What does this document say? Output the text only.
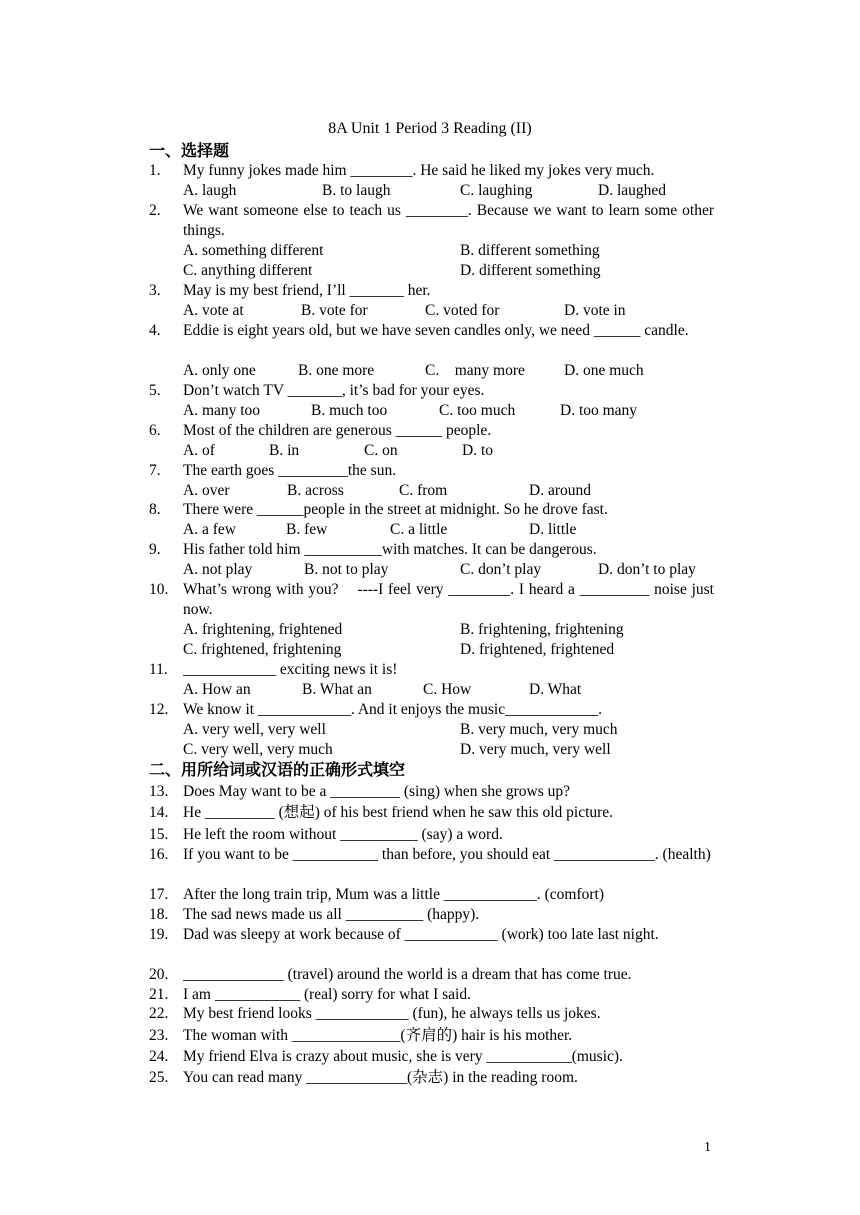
8A Unit 1 Period 3 Reading (II)
一、选择题
1. My funny jokes made him ________. He said he liked my jokes very much.
A. laugh	B. to laugh	C. laughing	D. laughed
2. We want someone else to teach us ________. Because we want to learn some other things.
A. something different	B. different something
C. anything different	D. different something
3. May is my best friend, I’ll _______ her.
A. vote at	B. vote for	C. voted for	D. vote in
4. Eddie is eight years old, but we have seven candles only, we need ______ candle.
A. only one	B. one more	C.    many more	D. one much
5. Don’t watch TV _______, it’s bad for your eyes.
A. many too	B. much too	C. too much	D. too many
6. Most of the children are generous ______ people.
A. of	B. in	C. on	D. to
7. The earth goes _________the sun.
A. over	B. across	C. from	D. around
8. There were ______people in the street at midnight. So he drove fast.
A. a few	B. few	C. a little	D. little
9. His father told him __________with matches. It can be dangerous.
A. not play	B. not to play	C. don’t play	D. don’t to play
10. What’s wrong with you?    ----I feel very ________. I heard a _________ noise just now.
A. frightening, frightened	B. frightening, frightening
C. frightened, frightening	D. frightened, frightened
11. ____________ exciting news it is!
A. How an	B. What an	C. How	D. What
12. We know it ____________. And it enjoys the music____________.
A. very well, very well	B. very much, very much
C. very well, very much	D. very much, very well
二、用所给词或汉语的正确形式填空
13. Does May want to be a _________ (sing) when she grows up?
14. He _________ (想起) of his best friend when he saw this old picture.
15. He left the room without __________ (say) a word.
16. If you want to be ___________ than before, you should eat _____________. (health)
17. After the long train trip, Mum was a little ____________. (comfort)
18. The sad news made us all __________ (happy).
19. Dad was sleepy at work because of ____________ (work) too late last night.
20. _____________ (travel) around the world is a dream that has come true.
21. I am ___________ (real) sorry for what I said.
22. My best friend looks ____________ (fun), he always tells us jokes.
23. The woman with ______________(齐肩的) hair is his mother.
24. My friend Elva is crazy about music, she is very ___________(music).
25. You can read many _____________(杂志) in the reading room.
1
